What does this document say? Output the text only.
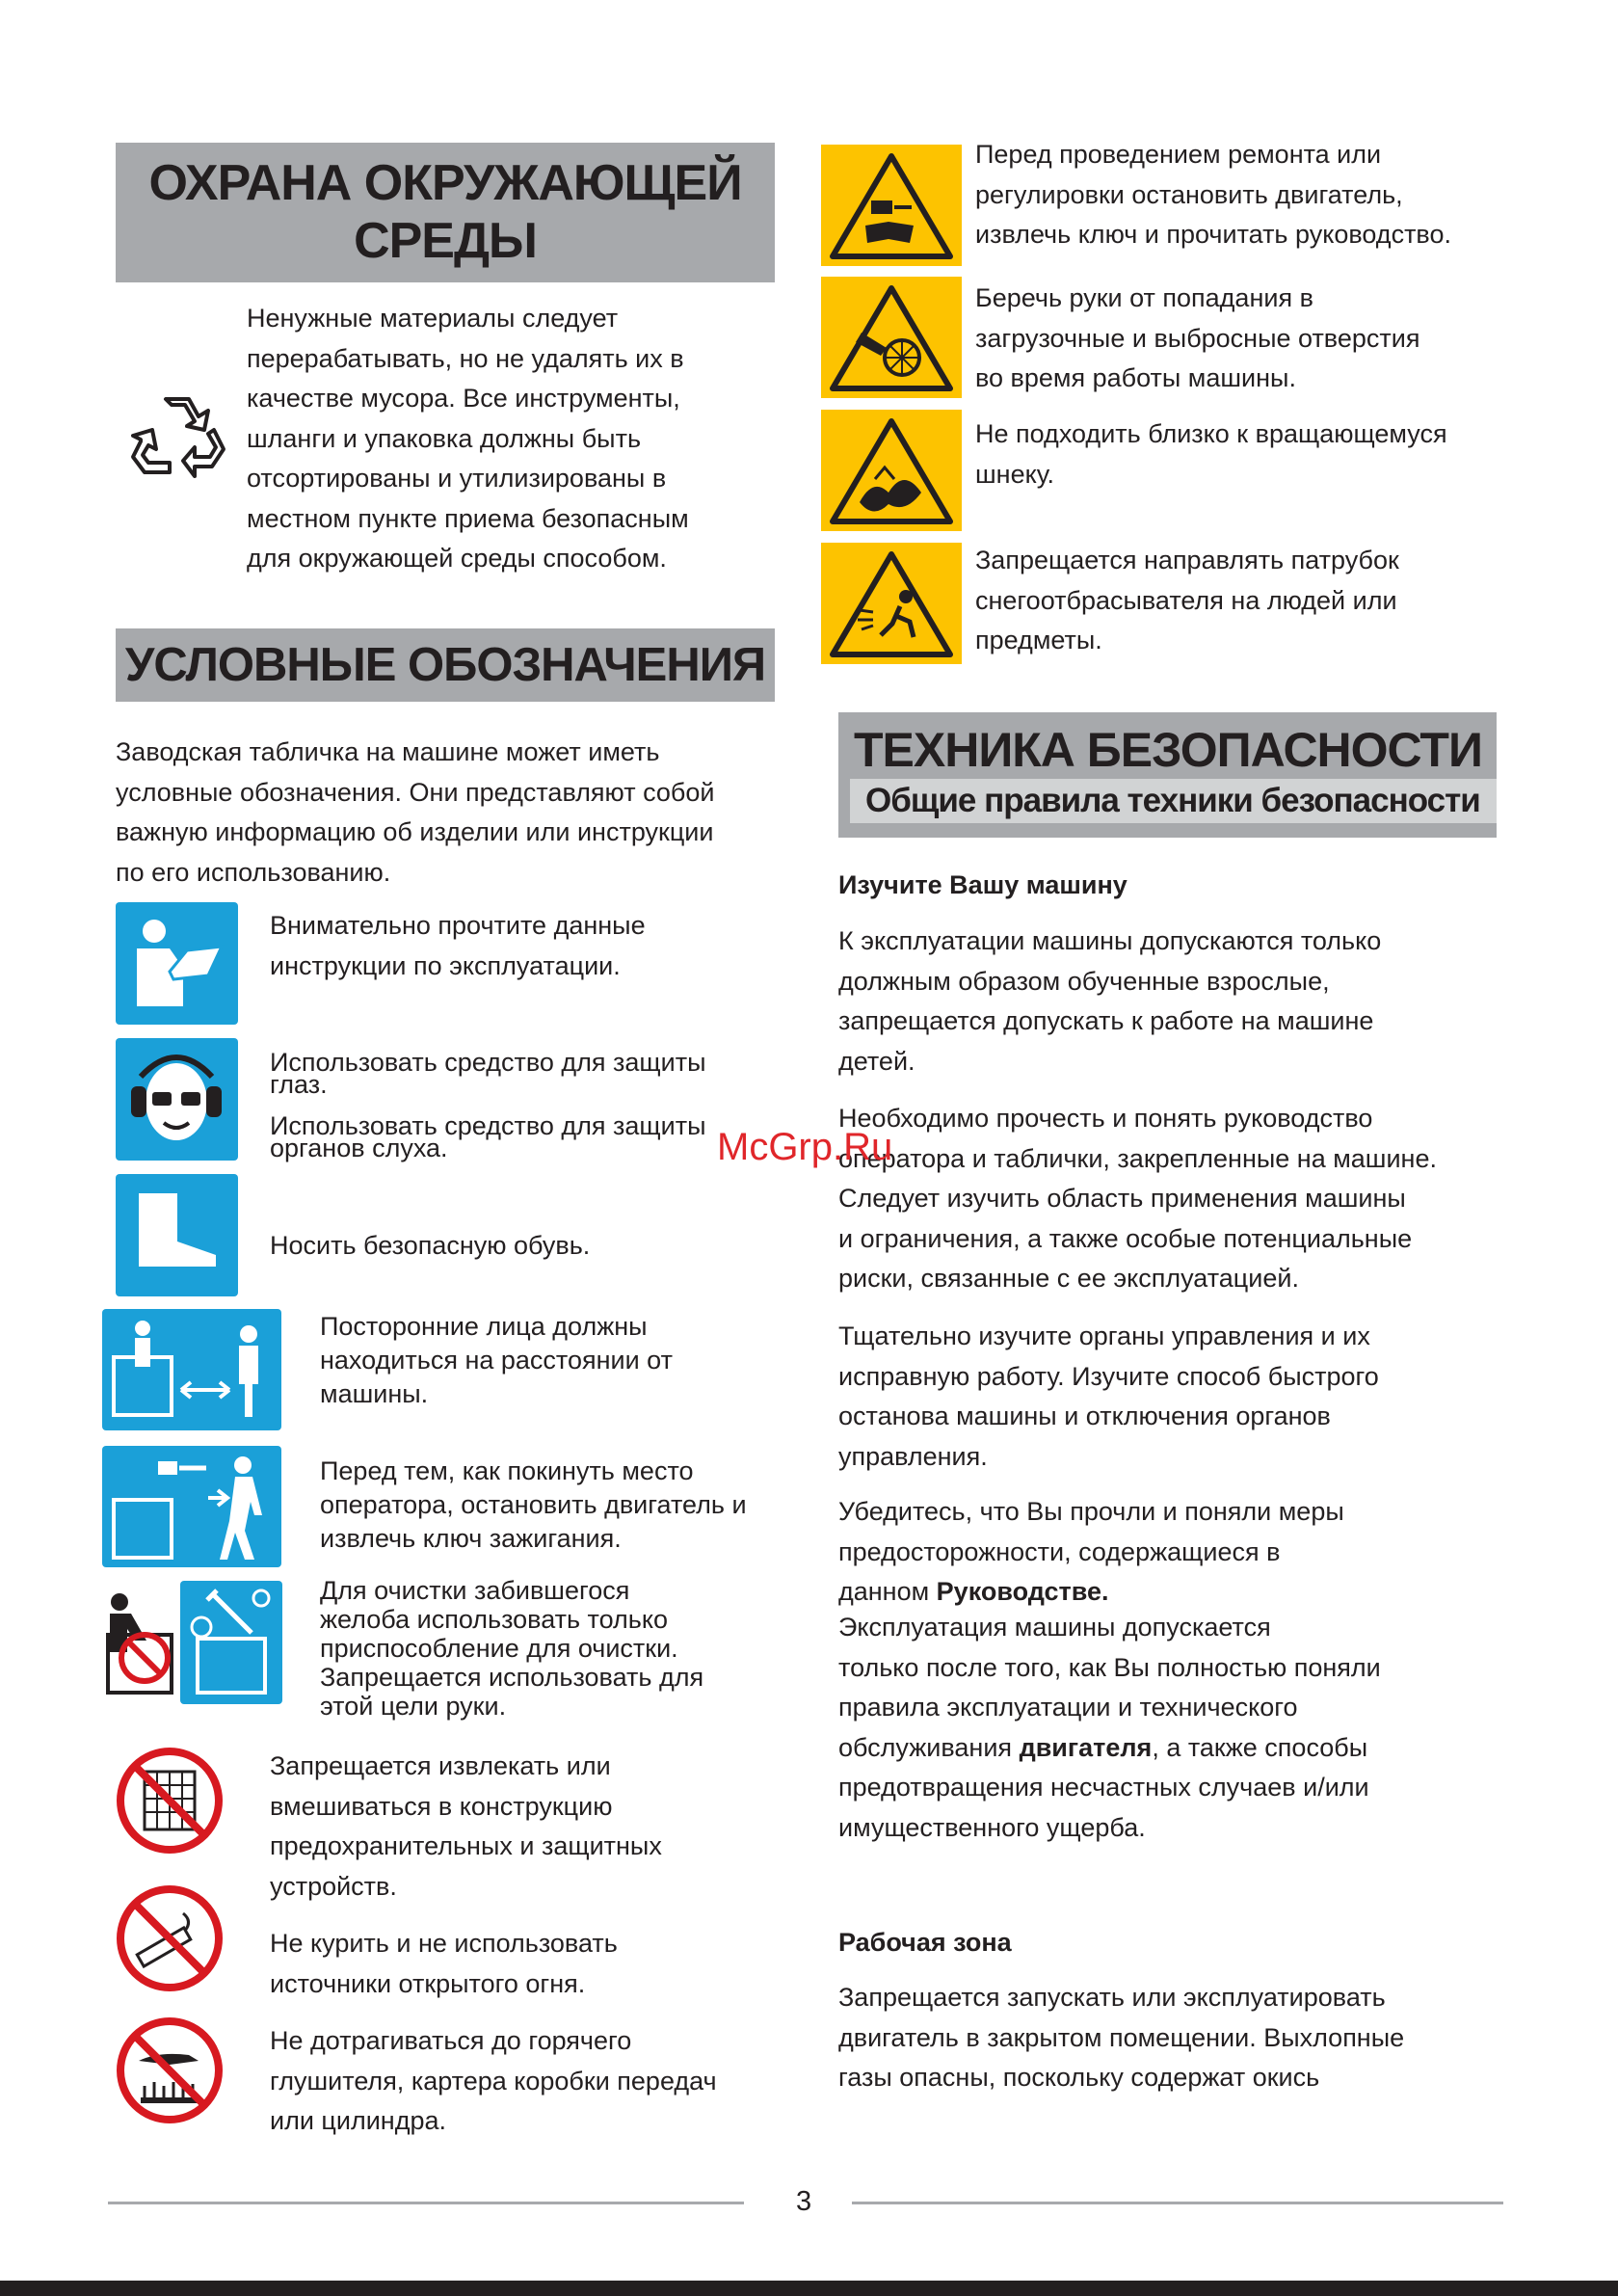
ОХРАНА ОКРУЖАЮЩЕЙ
СРЕДЫ
Ненужные материалы следует
перерабатывать, но не удалять их в
качестве мусора. Все инструменты,
шланги и упаковка должны быть
отсортированы и утилизированы в
местном пункте приема безопасным
для окружающей среды способом.
УСЛОВНЫЕ ОБОЗНАЧЕНИЯ
Заводская табличка на машине может иметь
условные обозначения. Они представляют собой
важную информацию об изделии или инструкции
по его использованию.
Внимательно прочтите данные
инструкции по эксплуатации.
Использовать средство для защиты
глаз.
Использовать средство для защиты
органов слуха.
Носить безопасную обувь.
Посторонние лица должны
находиться на расстоянии от
машины.
Перед тем, как покинуть место
оператора, остановить двигатель и
извлечь ключ зажигания.
Для очистки забившегося
желоба использовать только
приспособление для очистки.
Запрещается использовать для
этой цели руки.
Запрещается извлекать или
вмешиваться в конструкцию
предохранительных и защитных
устройств.
Не курить и не использовать
источники открытого огня.
Не дотрагиваться до горячего
глушителя, картера коробки передач
или цилиндра.
Перед проведением ремонта или
регулировки остановить двигатель,
извлечь ключ и прочитать руководство.
Беречь руки от попадания в
загрузочные и выбросные отверстия
во время работы машины.
Не подходить близко к вращающемуся
шнеку.
Запрещается направлять патрубок
снегоотбрасывателя на людей или
предметы.
ТЕХНИКА БЕЗОПАСНОСТИ
Общие правила техники безопасности
Изучите Вашу машину
К эксплуатации машины допускаются только
должным образом обученные взрослые,
запрещается допускать к работе на машине
детей.
Необходимо прочесть и понять руководство
оператора и таблички, закрепленные на машине.
Следует изучить область применения машины
и ограничения, а также особые потенциальные
риски, связанные с ее эксплуатацией.
Тщательно изучите органы управления и их
исправную работу. Изучите способ быстрого
останова машины и отключения органов
управления.
Убедитесь, что Вы прочли и поняли меры
предосторожности, содержащиеся в
данном Руководстве.
Эксплуатация машины допускается
только после того, как Вы полностью поняли
правила эксплуатации и технического
обслуживания двигателя, а также способы
предотвращения несчастных случаев и/или
имущественного ущерба.
Рабочая зона
Запрещается запускать или эксплуатировать
двигатель в закрытом помещении. Выхлопные
газы опасны, поскольку содержат окись
McGrp.Ru
3
